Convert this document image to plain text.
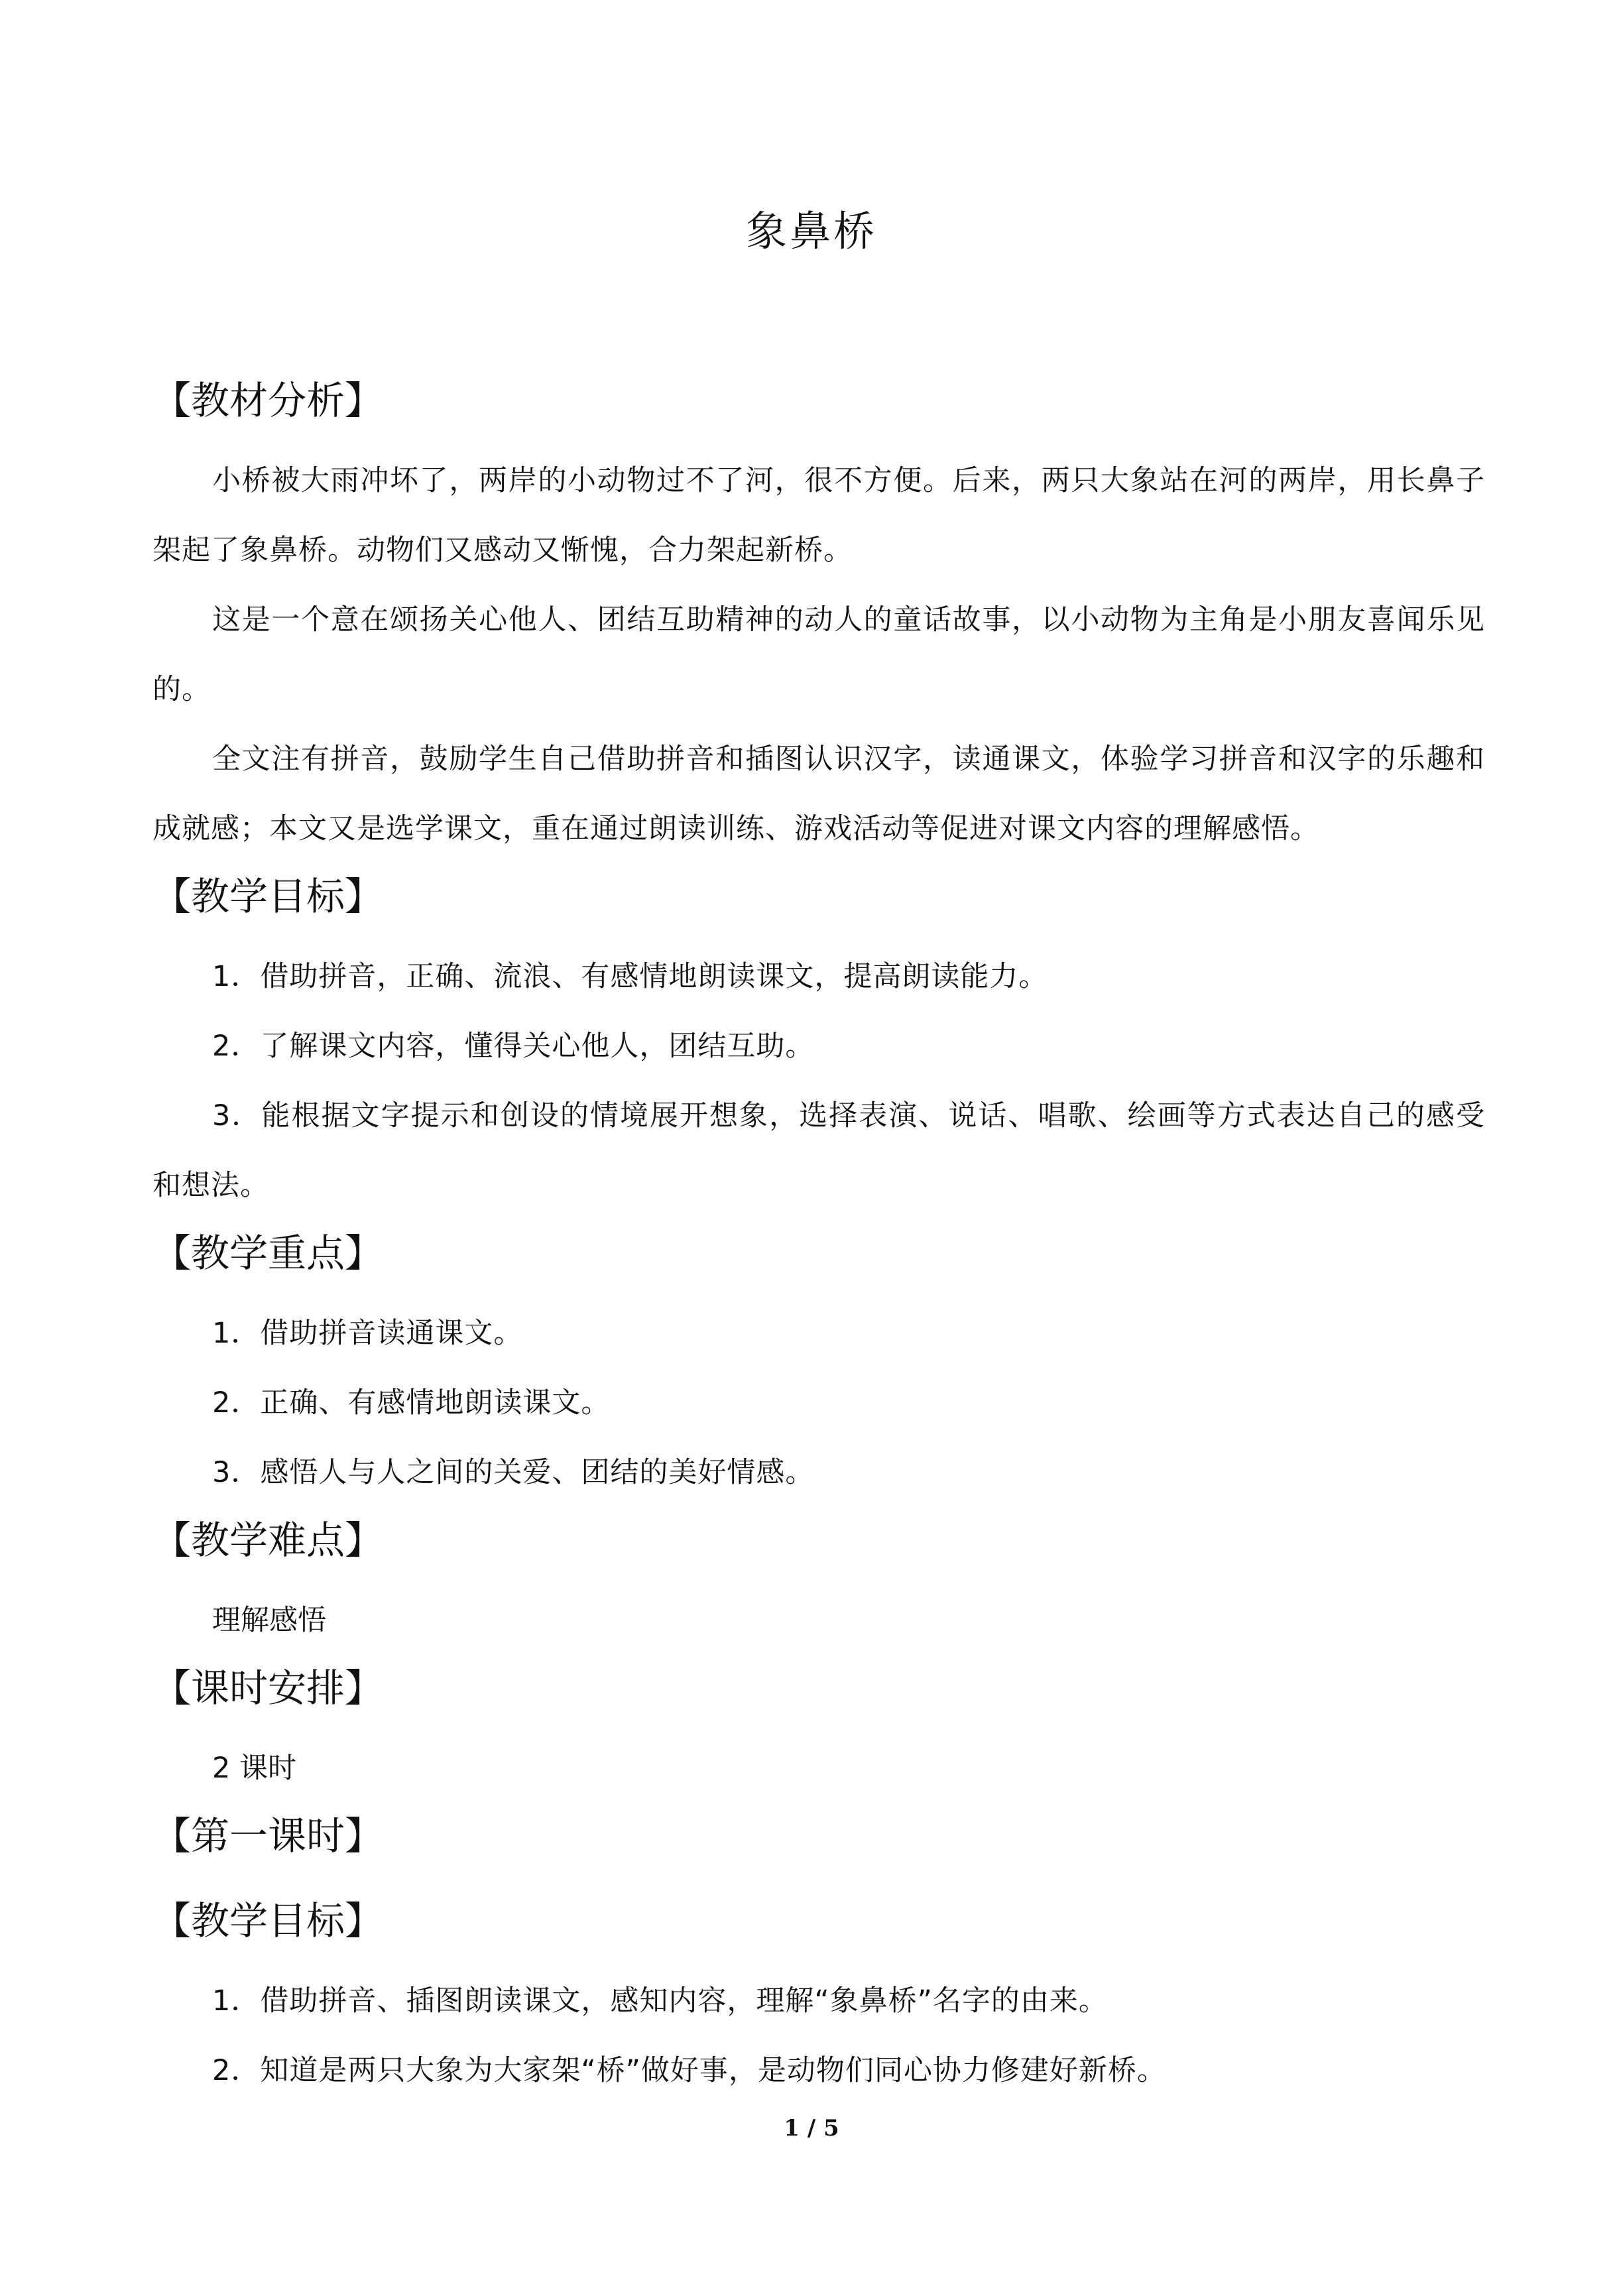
象鼻桥
【教材分析】

小桥被大雨冲坏了，两岸的小动物过不了河，很不方便。后来，两只大象站在河的两岸，用长鼻子架起了象鼻桥。动物们又感动又惭愧，合力架起新桥。

这是一个意在颂扬关心他人、团结互助精神的动人的童话故事，以小动物为主角是小朋友喜闻乐见的。

全文注有拼音，鼓励学生自己借助拼音和插图认识汉字，读通课文，体验学习拼音和汉字的乐趣和成就感；本文又是选学课文，重在通过朗读训练、游戏活动等促进对课文内容的理解感悟。

【教学目标】

1．借助拼音，正确、流浪、有感情地朗读课文，提高朗读能力。

2．了解课文内容，懂得关心他人，团结互助。

3．能根据文字提示和创设的情境展开想象，选择表演、说话、唱歌、绘画等方式表达自己的感受和想法。

【教学重点】

1．借助拼音读通课文。

2．正确、有感情地朗读课文。

3．感悟人与人之间的关爱、团结的美好情感。

【教学难点】

理解感悟

【课时安排】

2 课时

【第一课时】
【教学目标】

1．借助拼音、插图朗读课文，感知内容，理解“象鼻桥”名字的由来。

2．知道是两只大象为大家架“桥”做好事，是动物们同心协力修建好新桥。

1 / 5
